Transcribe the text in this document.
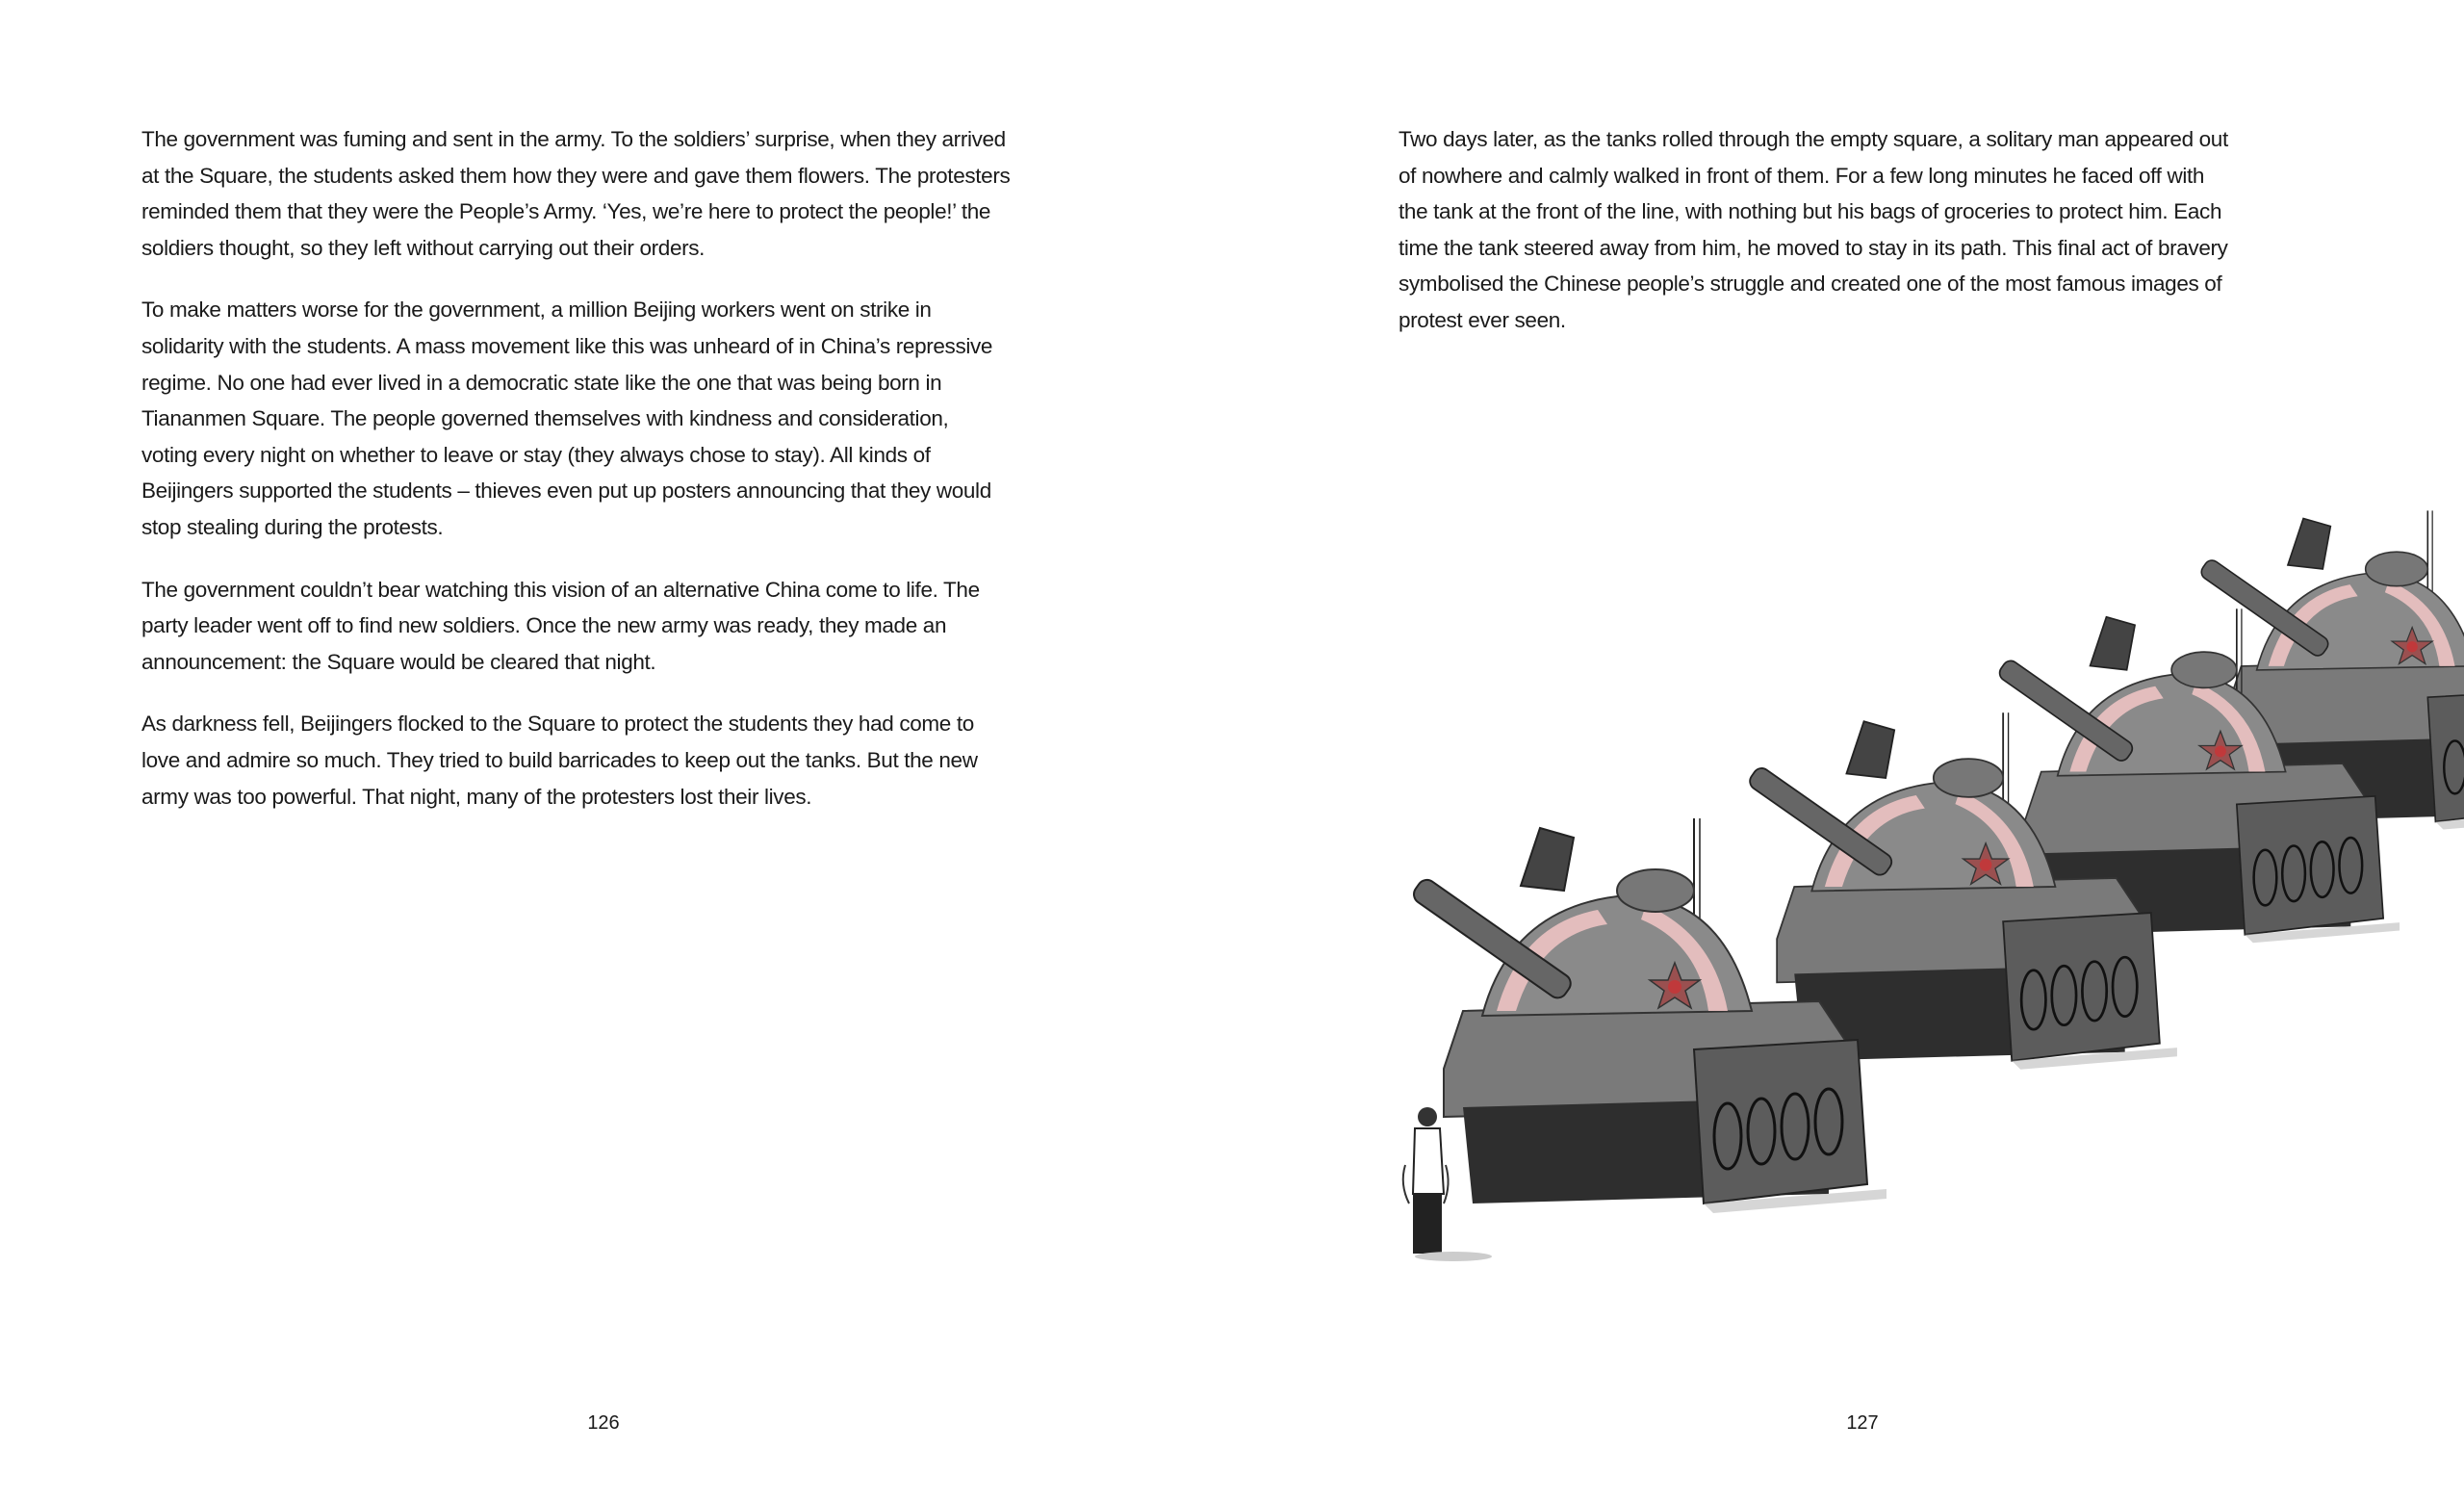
The government was fuming and sent in the army. To the soldiers’ surprise, when they arrived
at the Square, the students asked them how they were and gave them flowers. The protesters
reminded them that they were the People’s Army. ‘Yes, we’re here to protect the people!’ the
soldiers thought, so they left without carrying out their orders.

To make matters worse for the government, a million Beijing workers went on strike in
solidarity with the students. A mass movement like this was unheard of in China’s repressive
regime. No one had ever lived in a democratic state like the one that was being born in
Tiananmen Square. The people governed themselves with kindness and consideration,
voting every night on whether to leave or stay (they always chose to stay). All kinds of
Beijingers supported the students – thieves even put up posters announcing that they would
stop stealing during the protests.

The government couldn’t bear watching this vision of an alternative China come to life. The
party leader went off to find new soldiers. Once the new army was ready, they made an
announcement: the Square would be cleared that night.

As darkness fell, Beijingers flocked to the Square to protect the students they had come to
love and admire so much. They tried to build barricades to keep out the tanks. But the new
army was too powerful. That night, many of the protesters lost their lives.

126

Two days later, as the tanks rolled through the empty square, a solitary man appeared out
of nowhere and calmly walked in front of them. For a few long minutes he faced off with
the tank at the front of the line, with nothing but his bags of groceries to protect him. Each
time the tank steered away from him, he moved to stay in its path. This final act of bravery
symbolised the Chinese people’s struggle and created one of the most famous images of
protest ever seen.

127
